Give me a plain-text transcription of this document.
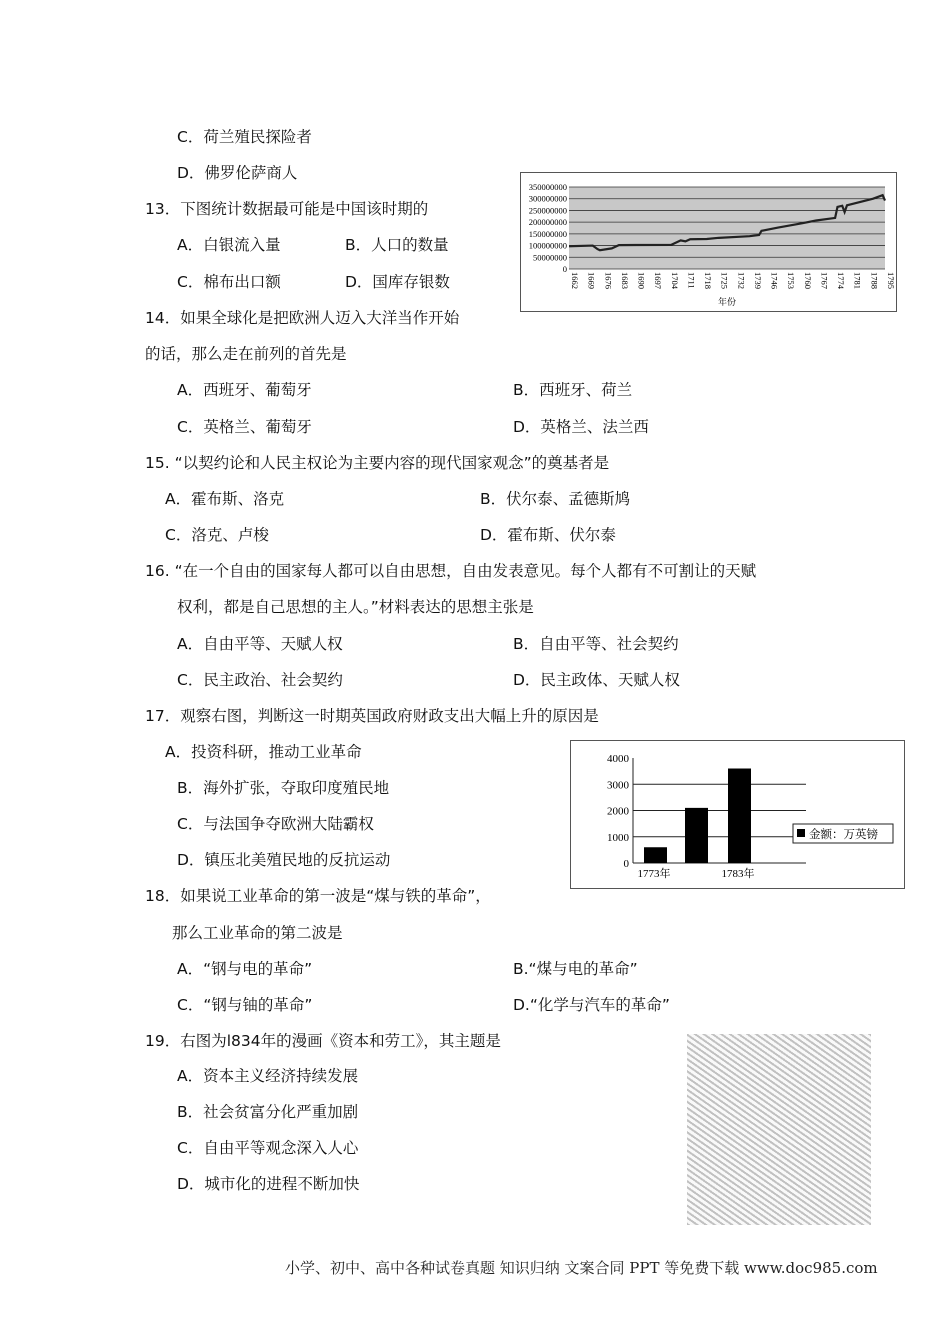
C．荷兰殖民探险者
D．佛罗伦萨商人
13．下图统计数据最可能是中国该时期的
A．白银流入量	B．人口的数量
C．棉布出口额	D．国库存银数
0
50000000
100000000
150000000
200000000
250000000
300000000
350000000
1662 1669 1676 1683 1690 1697 1704 1711 1718 1725 1732 1739 1746 1753 1760 1767 1774 1781 1788 1795
年份
14．如果全球化是把欧洲人迈入大洋当作开始
的话，那么走在前列的首先是
A．西班牙、葡萄牙	B．西班牙、荷兰
C．英格兰、葡萄牙	D．英格兰、法兰西
15. “以契约论和人民主权论为主要内容的现代国家观念”的奠基者是
A．霍布斯、洛克	B．伏尔泰、孟德斯鸠
C．洛克、卢梭	D．霍布斯、伏尔泰
16. “在一个自由的国家每人都可以自由思想，自由发表意见。每个人都有不可割让的天赋
权利，都是自己思想的主人。”材料表达的思想主张是
A．自由平等、天赋人权	B．自由平等、社会契约
C．民主政治、社会契约	D．民主政体、天赋人权
17．观察右图，判断这一时期英国政府财政支出大幅上升的原因是
A．投资科研，推动工业革命
B．海外扩张，夺取印度殖民地
C．与法国争夺欧洲大陆霸权
D．镇压北美殖民地的反抗运动	0
1000
2000
3000
4000
1773年	1783年
金额：万英镑
18．如果说工业革命的第一波是“煤与铁的革命”，
那么工业革命的第二波是
A．“钢与电的革命”	B.“煤与电的革命”
C．“钢与铀的革命”	D.“化学与汽车的革命”
19．右图为l834年的漫画《资本和劳工》，其主题是
A．资本主义经济持续发展
B．社会贫富分化严重加剧
C．自由平等观念深入人心
D．城市化的进程不断加快
小学、初中、高中各种试卷真题 知识归纳 文案合同 PPT 等免费下载 www.doc985.com
